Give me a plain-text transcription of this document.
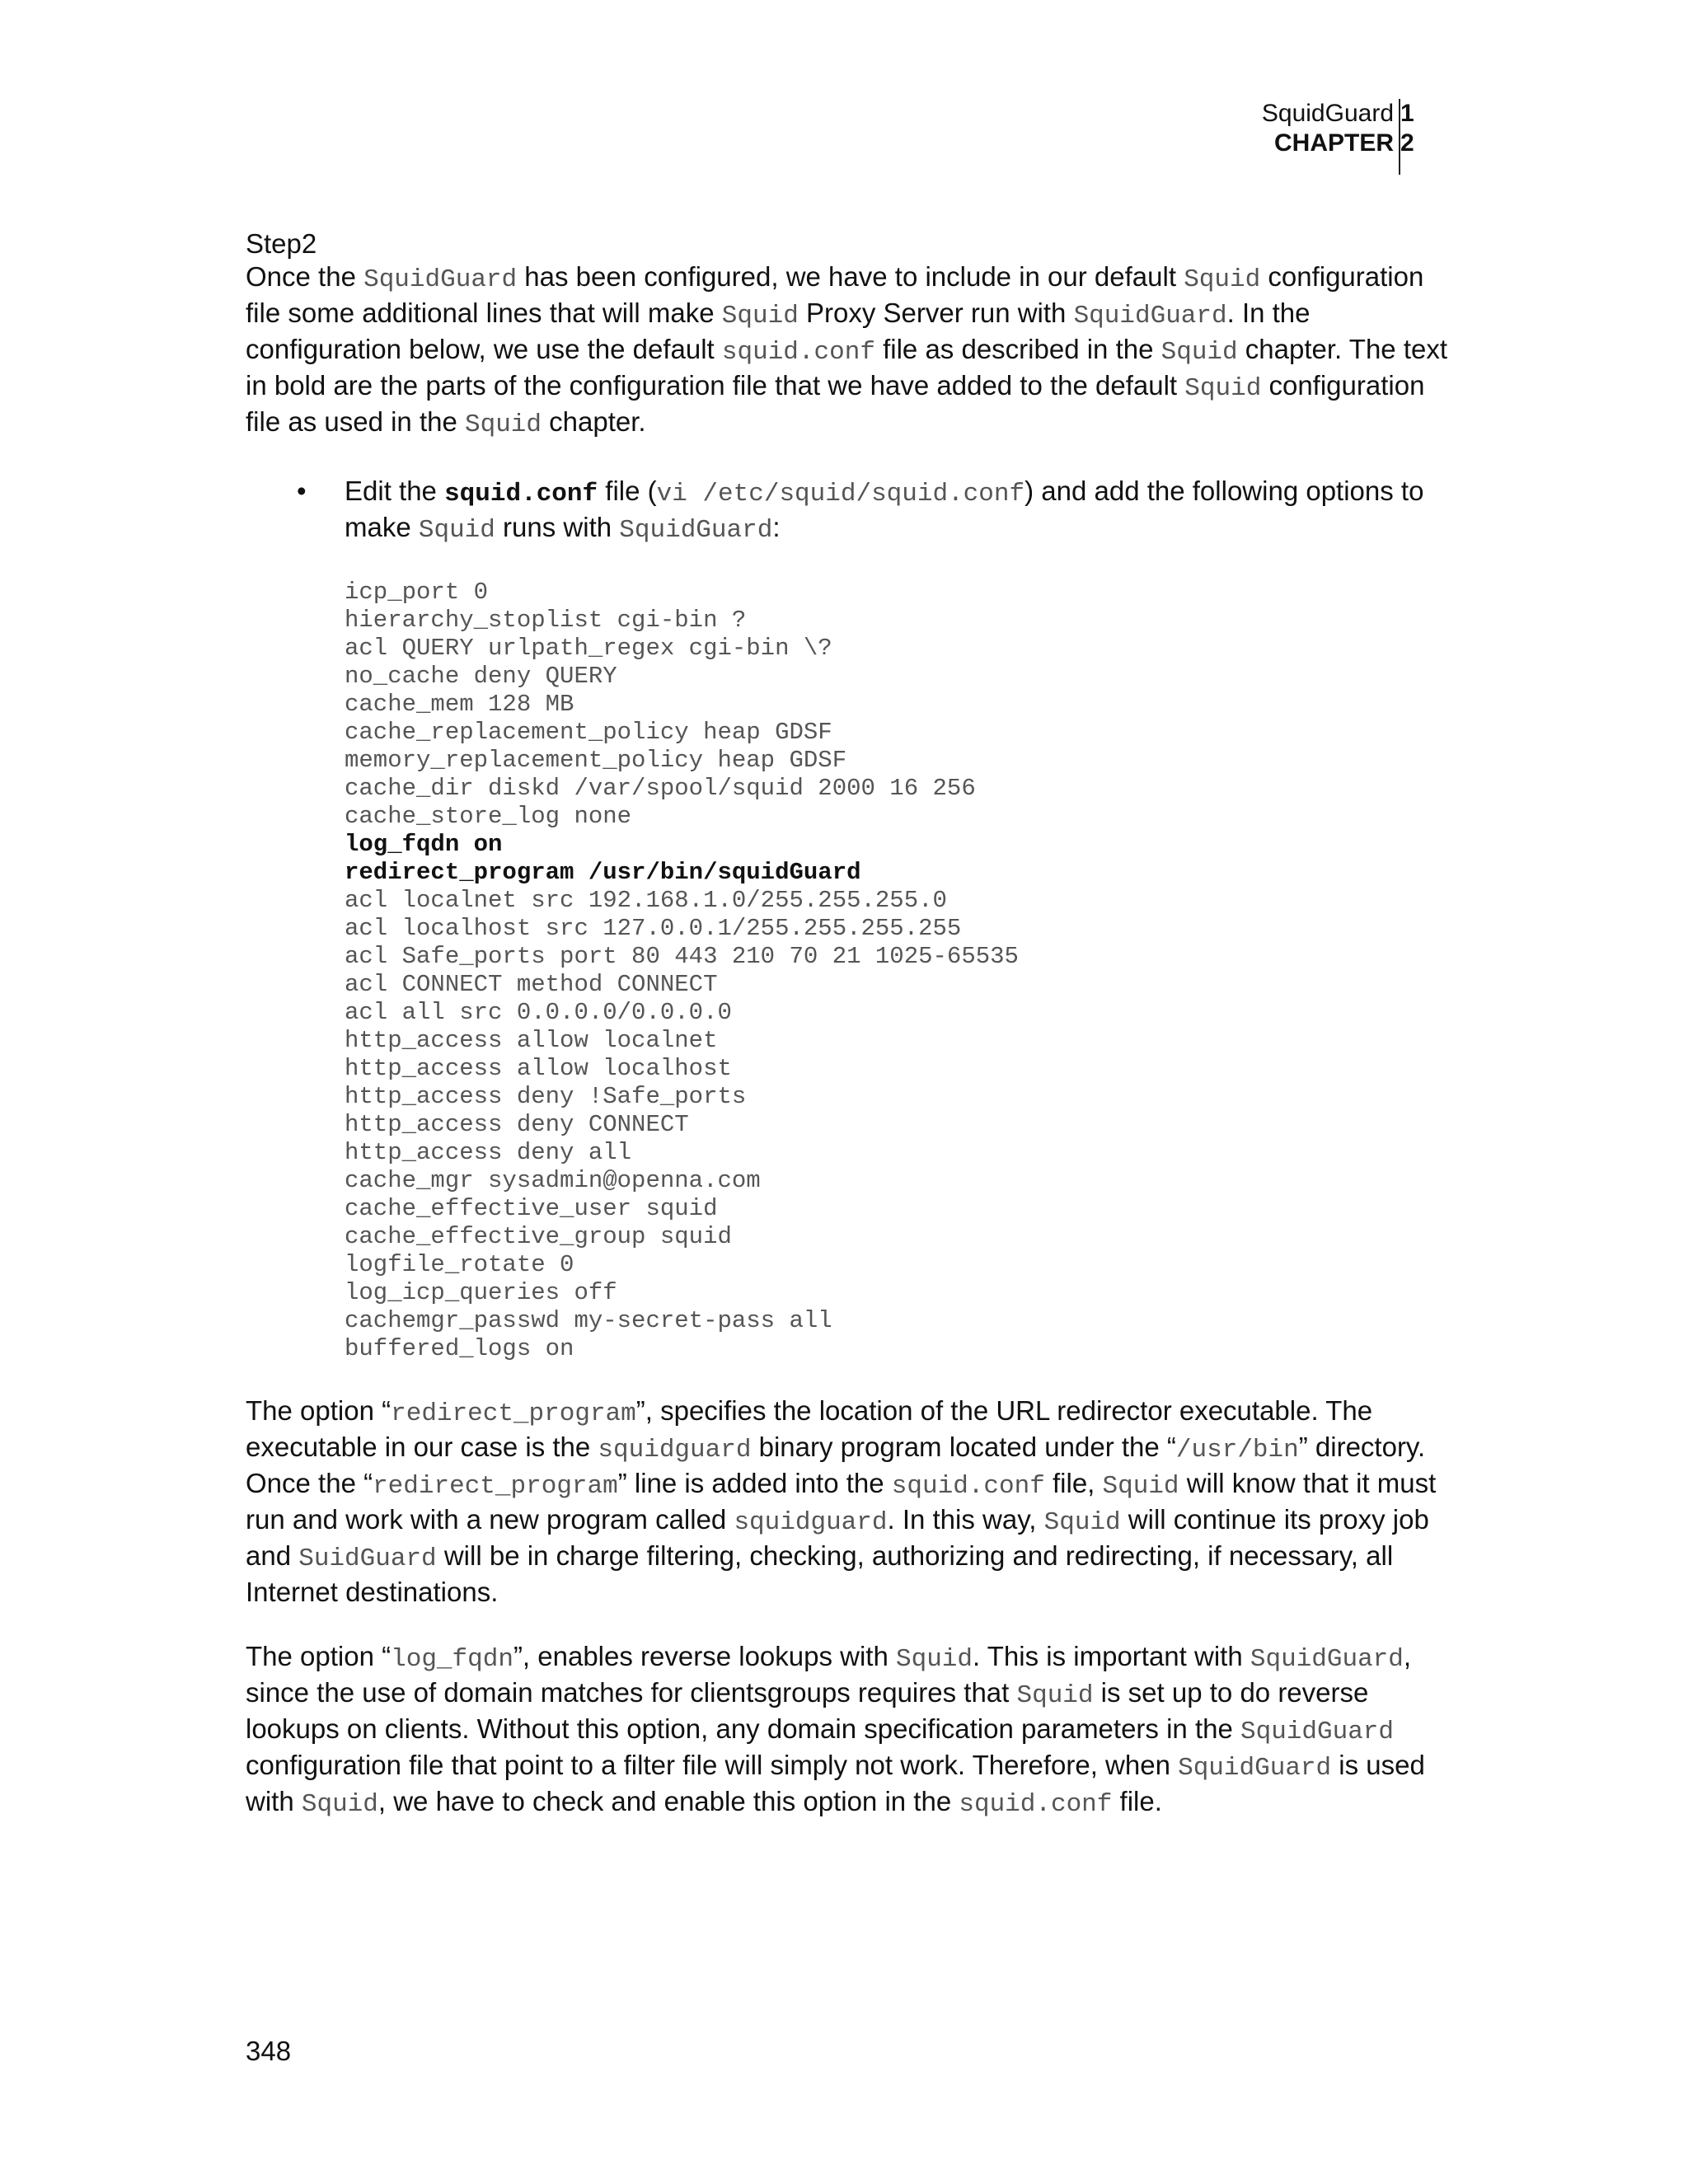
SquidGuard 1
CHAPTER 2

Step2

Once the SquidGuard has been configured, we have to include in our default Squid configuration file some additional lines that will make Squid Proxy Server run with SquidGuard. In the configuration below, we use the default squid.conf file as described in the Squid chapter. The text in bold are the parts of the configuration file that we have added to the default Squid configuration file as used in the Squid chapter.

• Edit the squid.conf file (vi /etc/squid/squid.conf) and add the following options to make Squid runs with SquidGuard:

icp_port 0
hierarchy_stoplist cgi-bin ?
acl QUERY urlpath_regex cgi-bin \?
no_cache deny QUERY
cache_mem 128 MB
cache_replacement_policy heap GDSF
memory_replacement_policy heap GDSF
cache_dir diskd /var/spool/squid 2000 16 256
cache_store_log none
log_fqdn on
redirect_program /usr/bin/squidGuard
acl localnet src 192.168.1.0/255.255.255.0
acl localhost src 127.0.0.1/255.255.255.255
acl Safe_ports port 80 443 210 70 21 1025-65535
acl CONNECT method CONNECT
acl all src 0.0.0.0/0.0.0.0
http_access allow localnet
http_access allow localhost
http_access deny !Safe_ports
http_access deny CONNECT
http_access deny all
cache_mgr sysadmin@openna.com
cache_effective_user squid
cache_effective_group squid
logfile_rotate 0
log_icp_queries off
cachemgr_passwd my-secret-pass all
buffered_logs on

The option “redirect_program”, specifies the location of the URL redirector executable. The executable in our case is the squidguard binary program located under the “/usr/bin” directory. Once the “redirect_program” line is added into the squid.conf file, Squid will know that it must run and work with a new program called squidguard. In this way, Squid will continue its proxy job and SuidGuard will be in charge filtering, checking, authorizing and redirecting, if necessary, all Internet destinations.

The option “log_fqdn”, enables reverse lookups with Squid. This is important with SquidGuard, since the use of domain matches for clientsgroups requires that Squid is set up to do reverse lookups on clients. Without this option, any domain specification parameters in the SquidGuard configuration file that point to a filter file will simply not work. Therefore, when SquidGuard is used with Squid, we have to check and enable this option in the squid.conf file.

348
